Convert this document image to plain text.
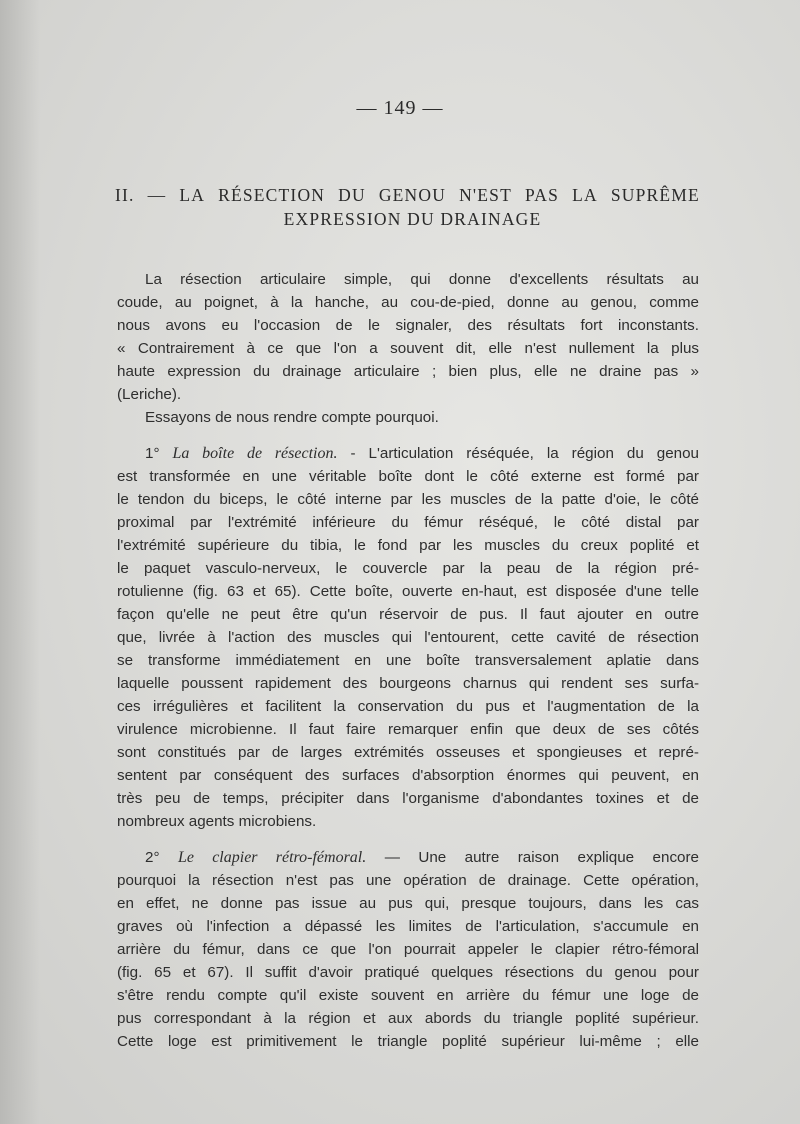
— 149 —
II. — LA RÉSECTION DU GENOU N'EST PAS LA SUPRÊME
EXPRESSION DU DRAINAGE
La résection articulaire simple, qui donne d'excellents résultats au
coude, au poignet, à la hanche, au cou-de-pied, donne au genou, comme
nous avons eu l'occasion de le signaler, des résultats fort inconstants.
« Contrairement à ce que l'on a souvent dit, elle n'est nullement la plus
haute expression du drainage articulaire ; bien plus, elle ne draine pas »
(Leriche).
Essayons de nous rendre compte pourquoi.
1° La boîte de résection. - L'articulation réséquée, la région du genou
est transformée en une véritable boîte dont le côté externe est formé par
le tendon du biceps, le côté interne par les muscles de la patte d'oie, le côté
proximal par l'extrémité inférieure du fémur réséqué, le côté distal par
l'extrémité supérieure du tibia, le fond par les muscles du creux poplité et
le paquet vasculo-nerveux, le couvercle par la peau de la région pré-
rotulienne (fig. 63 et 65). Cette boîte, ouverte en-haut, est disposée d'une telle
façon qu'elle ne peut être qu'un réservoir de pus. Il faut ajouter en outre
que, livrée à l'action des muscles qui l'entourent, cette cavité de résection
se transforme immédiatement en une boîte transversalement aplatie dans
laquelle poussent rapidement des bourgeons charnus qui rendent ses surfa-
ces irrégulières et facilitent la conservation du pus et l'augmentation de la
virulence microbienne. Il faut faire remarquer enfin que deux de ses côtés
sont constitués par de larges extrémités osseuses et spongieuses et repré-
sentent par conséquent des surfaces d'absorption énormes qui peuvent, en
très peu de temps, précipiter dans l'organisme d'abondantes toxines et de
nombreux agents microbiens.
2° Le clapier rétro-fémoral. — Une autre raison explique encore
pourquoi la résection n'est pas une opération de drainage. Cette opération,
en effet, ne donne pas issue au pus qui, presque toujours, dans les cas
graves où l'infection a dépassé les limites de l'articulation, s'accumule en
arrière du fémur, dans ce que l'on pourrait appeler le clapier rétro-fémoral
(fig. 65 et 67). Il suffit d'avoir pratiqué quelques résections du genou pour
s'être rendu compte qu'il existe souvent en arrière du fémur une loge de
pus correspondant à la région et aux abords du triangle poplité supérieur.
Cette loge est primitivement le triangle poplité supérieur lui-même ; elle
